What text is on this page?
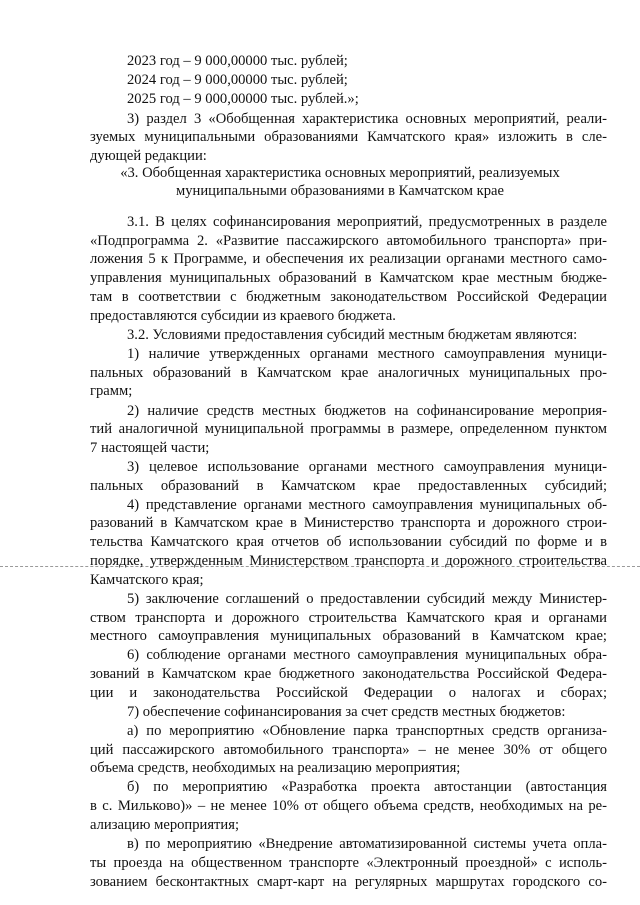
2023 год – 9 000,00000 тыс. рублей;
2024 год – 9 000,00000 тыс. рублей;
2025 год – 9 000,00000 тыс. рублей.»;
3) раздел 3 «Обобщенная характеристика основных мероприятий, реали-
зуемых муниципальными образованиями Камчатского края» изложить в сле-
дующей редакции:
«3. Обобщенная характеристика основных мероприятий, реализуемых
муниципальными образованиями в Камчатском крае
3.1. В целях софинансирования мероприятий, предусмотренных в разделе
«Подпрограмма 2. «Развитие пассажирского автомобильного транспорта» при-
ложения 5 к Программе, и обеспечения их реализации органами местного само-
управления муниципальных образований в Камчатском крае местным бюдже-
там в соответствии с бюджетным законодательством Российской Федерации
предоставляются субсидии из краевого бюджета.
3.2. Условиями предоставления субсидий местным бюджетам являются:
1) наличие утвержденных органами местного самоуправления муници-
пальных образований в Камчатском крае аналогичных муниципальных про-
грамм;
2) наличие средств местных бюджетов на софинансирование мероприя-
тий аналогичной муниципальной программы в размере, определенном пунктом
7 настоящей части;
3) целевое использование органами местного самоуправления муници-
пальных образований в Камчатском крае предоставленных субсидий;
4) представление органами местного самоуправления муниципальных об-
разований в Камчатском крае в Министерство транспорта и дорожного строи-
тельства Камчатского края отчетов об использовании субсидий по форме и в
порядке, утвержденным Министерством транспорта и дорожного строительства
Камчатского края;
5) заключение соглашений о предоставлении субсидий между Министер-
ством транспорта и дорожного строительства Камчатского края и органами
местного самоуправления муниципальных образований в Камчатском крае;
6) соблюдение органами местного самоуправления муниципальных обра-
зований в Камчатском крае бюджетного законодательства Российской Федера-
ции и законодательства Российской Федерации о налогах и сборах;
7) обеспечение софинансирования за счет средств местных бюджетов:
а) по мероприятию «Обновление парка транспортных средств организа-
ций пассажирского автомобильного транспорта» – не менее 30% от общего
объема средств, необходимых на реализацию мероприятия;
б) по мероприятию «Разработка проекта автостанции (автостанция
в с. Мильково)» – не менее 10% от общего объема средств, необходимых на ре-
ализацию мероприятия;
в) по мероприятию «Внедрение автоматизированной системы учета опла-
ты проезда на общественном транспорте «Электронный проездной» с исполь-
зованием бесконтактных смарт-карт на регулярных маршрутах городского со-
